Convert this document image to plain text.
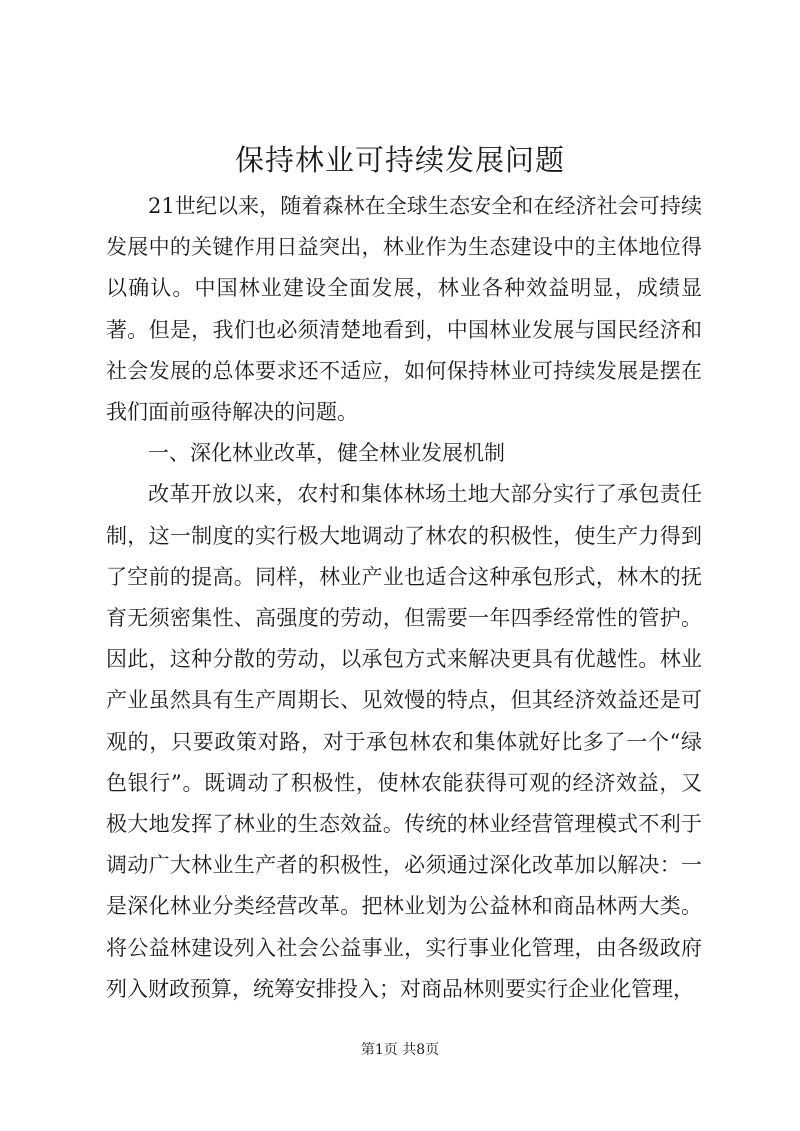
保持林业可持续发展问题

21世纪以来，随着森林在全球生态安全和在经济社会可持续发展中的关键作用日益突出，林业作为生态建设中的主体地位得以确认。中国林业建设全面发展，林业各种效益明显，成绩显著。但是，我们也必须清楚地看到，中国林业发展与国民经济和社会发展的总体要求还不适应，如何保持林业可持续发展是摆在我们面前亟待解决的问题。

一、深化林业改革，健全林业发展机制

改革开放以来，农村和集体林场土地大部分实行了承包责任制，这一制度的实行极大地调动了林农的积极性，使生产力得到了空前的提高。同样，林业产业也适合这种承包形式，林木的抚育无须密集性、高强度的劳动，但需要一年四季经常性的管护。因此，这种分散的劳动，以承包方式来解决更具有优越性。林业产业虽然具有生产周期长、见效慢的特点，但其经济效益还是可观的，只要政策对路，对于承包林农和集体就好比多了一个“绿色银行”。既调动了积极性，使林农能获得可观的经济效益，又极大地发挥了林业的生态效益。传统的林业经营管理模式不利于调动广大林业生产者的积极性，必须通过深化改革加以解决：一是深化林业分类经营改革。把林业划为公益林和商品林两大类。将公益林建设列入社会公益事业，实行事业化管理，由各级政府列入财政预算，统筹安排投入；对商品林则要实行企业化管理，

第1页 共8页
